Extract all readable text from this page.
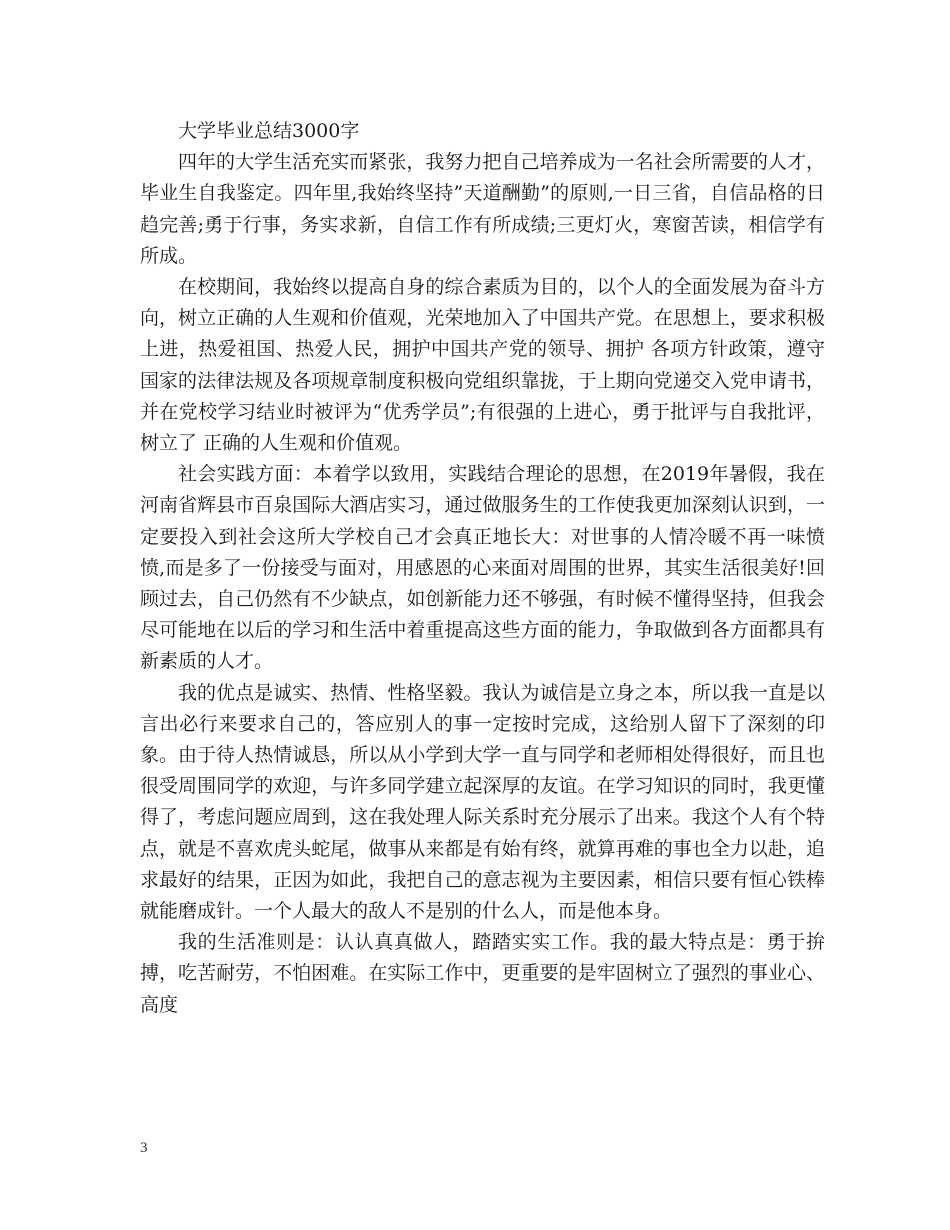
大学毕业总结3000字

四年的大学生活充实而紧张，我努力把自己培养成为一名社会所需要的人才，毕业生自我鉴定。四年里,我始终坚持”天道酬勤”的原则,一日三省，自信品格的日趋完善;勇于行事，务实求新，自信工作有所成绩;三更灯火，寒窗苦读，相信学有所成。

在校期间，我始终以提高自身的综合素质为目的，以个人的全面发展为奋斗方向，树立正确的人生观和价值观，光荣地加入了中国共产党。在思想上，要求积极上进，热爱祖国、热爱人民，拥护中国共产党的领导、拥护 各项方针政策，遵守国家的法律法规及各项规章制度积极向党组织靠拢，于上期向党递交入党申请书，并在党校学习结业时被评为“优秀学员”;有很强的上进心，勇于批评与自我批评，树立了 正确的人生观和价值观。

社会实践方面：本着学以致用，实践结合理论的思想，在2019年暑假，我在河南省辉县市百泉国际大酒店实习，通过做服务生的工作使我更加深刻认识到，一定要投入到社会这所大学校自己才会真正地长大：对世事的人情冷暖不再一味愤愤,而是多了一份接受与面对，用感恩的心来面对周围的世界，其实生活很美好!回顾过去，自己仍然有不少缺点，如创新能力还不够强，有时候不懂得坚持，但我会尽可能地在以后的学习和生活中着重提高这些方面的能力，争取做到各方面都具有新素质的人才。

我的优点是诚实、热情、性格坚毅。我认为诚信是立身之本，所以我一直是以言出必行来要求自己的，答应别人的事一定按时完成，这给别人留下了深刻的印象。由于待人热情诚恳，所以从小学到大学一直与同学和老师相处得很好，而且也很受周围同学的欢迎，与许多同学建立起深厚的友谊。在学习知识的同时，我更懂得了，考虑问题应周到，这在我处理人际关系时充分展示了出来。我这个人有个特点，就是不喜欢虎头蛇尾，做事从来都是有始有终，就算再难的事也全力以赴，追求最好的结果，正因为如此，我把自己的意志视为主要因素，相信只要有恒心铁棒就能磨成针。一个人最大的敌人不是别的什么人，而是他本身。

我的生活准则是：认认真真做人，踏踏实实工作。我的最大特点是：勇于拚搏，吃苦耐劳，不怕困难。在实际工作中，更重要的是牢固树立了强烈的事业心、高度

3
